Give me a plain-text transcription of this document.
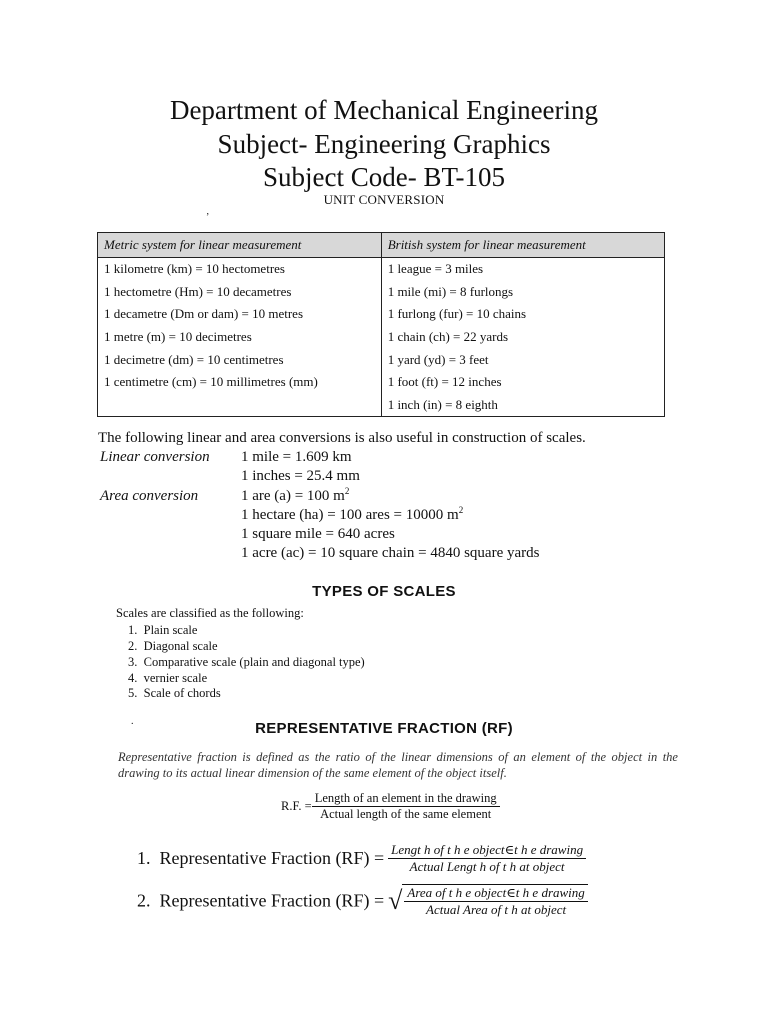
Department of Mechanical Engineering
Subject- Engineering Graphics
Subject Code- BT-105
UNIT CONVERSION
’
Metric system for linear measurement	British system for linear measurement
1 kilometre (km) = 10 hectometres	1 league = 3 miles
1 hectometre (Hm) = 10 decametres	1 mile (mi) = 8 furlongs
1 decametre (Dm or dam) = 10 metres	1 furlong (fur) = 10 chains
1 metre (m) = 10 decimetres	1 chain (ch) = 22 yards
1 decimetre (dm) = 10 centimetres	1 yard (yd) = 3 feet
1 centimetre (cm) = 10 millimetres (mm)	1 foot (ft) = 12 inches
	1 inch (in) = 8 eighth
The following linear and area conversions is also useful in construction of scales.
Linear conversion 1 mile = 1.609 km
1 inches = 25.4 mm
Area conversion	1 are (a) = 100 $m^2$
1 hectare (ha) = 100 ares = 10000 $m^2$
1 square mile = 640 acres
1 acre (ac) = 10 square chain = 4840 square yards
TYPES OF SCALES
Scales are classified as the following:
1.  Plain scale
2.  Diagonal scale
3.  Comparative scale (plain and diagonal type)
4.  vernier scale
5.  Scale of chords
.	REPRESENTATIVE FRACTION (RF)
Representative fraction is defined as the ratio of the linear dimensions of an element of the object in the drawing to its actual linear dimension of the same element of the object itself.
R.F. = $\frac{\text{Length of an element in the drawing}}{\text{Actual length of the same element}}$
1.  Representative Fraction $(RF) = \frac{\text{Lengt h of t h e object∈t h e drawing}}{\text{Actual Lengt h of t h at object}}$
2.  Representative Fraction (RF) = √ $\frac{\text{Area of t h e object∈t h e drawing}}{\text{Actual Area of t h at object}}$
